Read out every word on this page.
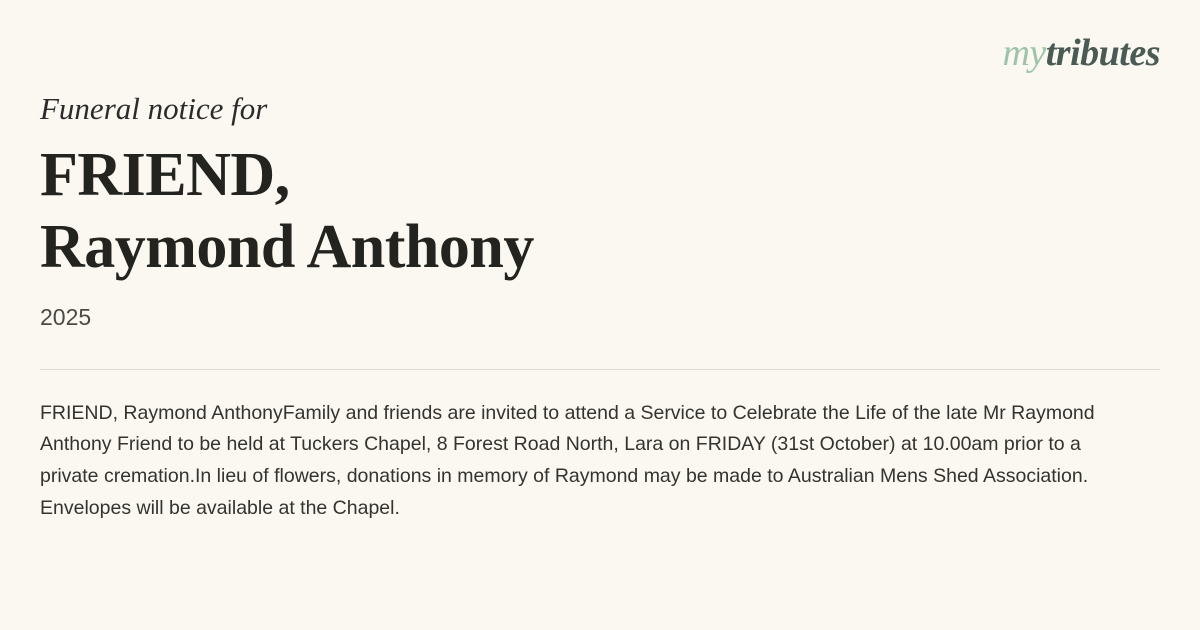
mytributes

Funeral notice for

FRIEND,
Raymond Anthony
2025
FRIEND, Raymond AnthonyFamily and friends are invited to attend a Service to Celebrate the Life of the late Mr Raymond Anthony Friend to be held at Tuckers Chapel, 8 Forest Road North, Lara on FRIDAY (31st October) at 10.00am prior to a private cremation.In lieu of flowers, donations in memory of Raymond may be made to Australian Mens Shed Association. Envelopes will be available at the Chapel.
